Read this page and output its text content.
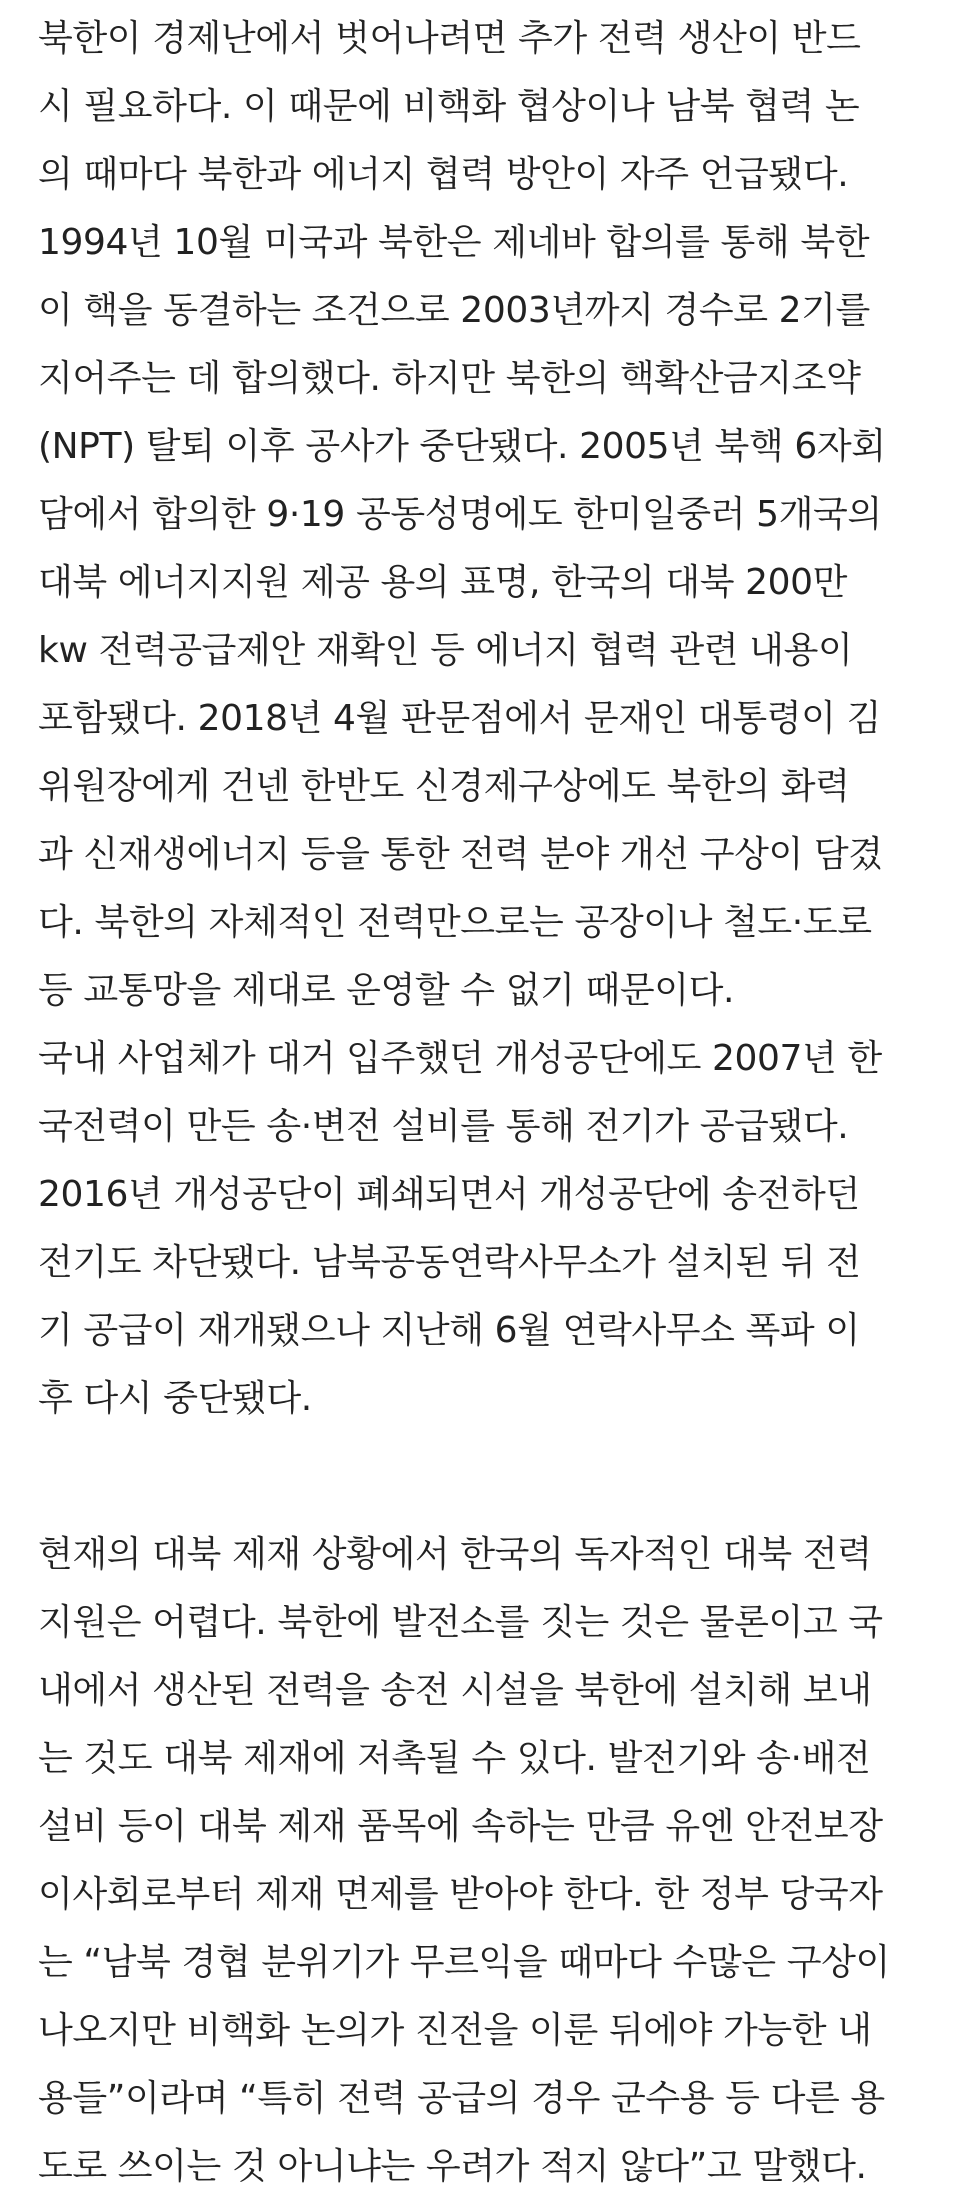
북한이 경제난에서 벗어나려면 추가 전력 생산이 반드
시 필요하다. 이 때문에 비핵화 협상이나 남북 협력 논
의 때마다 북한과 에너지 협력 방안이 자주 언급됐다.
1994년 10월 미국과 북한은 제네바 합의를 통해 북한
이 핵을 동결하는 조건으로 2003년까지 경수로 2기를
지어주는 데 합의했다. 하지만 북한의 핵확산금지조약
(NPT) 탈퇴 이후 공사가 중단됐다. 2005년 북핵 6자회
담에서 합의한 9·19 공동성명에도 한미일중러 5개국의
대북 에너지지원 제공 용의 표명, 한국의 대북 200만
kw 전력공급제안 재확인 등 에너지 협력 관련 내용이
포함됐다. 2018년 4월 판문점에서 문재인 대통령이 김
위원장에게 건넨 한반도 신경제구상에도 북한의 화력
과 신재생에너지 등을 통한 전력 분야 개선 구상이 담겼
다. 북한의 자체적인 전력만으로는 공장이나 철도·도로
등 교통망을 제대로 운영할 수 없기 때문이다.
국내 사업체가 대거 입주했던 개성공단에도 2007년 한
국전력이 만든 송·변전 설비를 통해 전기가 공급됐다.
2016년 개성공단이 폐쇄되면서 개성공단에 송전하던
전기도 차단됐다. 남북공동연락사무소가 설치된 뒤 전
기 공급이 재개됐으나 지난해 6월 연락사무소 폭파 이
후 다시 중단됐다.
현재의 대북 제재 상황에서 한국의 독자적인 대북 전력
지원은 어렵다. 북한에 발전소를 짓는 것은 물론이고 국
내에서 생산된 전력을 송전 시설을 북한에 설치해 보내
는 것도 대북 제재에 저촉될 수 있다. 발전기와 송·배전
설비 등이 대북 제재 품목에 속하는 만큼 유엔 안전보장
이사회로부터 제재 면제를 받아야 한다. 한 정부 당국자
는 “남북 경협 분위기가 무르익을 때마다 수많은 구상이
나오지만 비핵화 논의가 진전을 이룬 뒤에야 가능한 내
용들”이라며 “특히 전력 공급의 경우 군수용 등 다른 용
도로 쓰이는 것 아니냐는 우려가 적지 않다”고 말했다.
